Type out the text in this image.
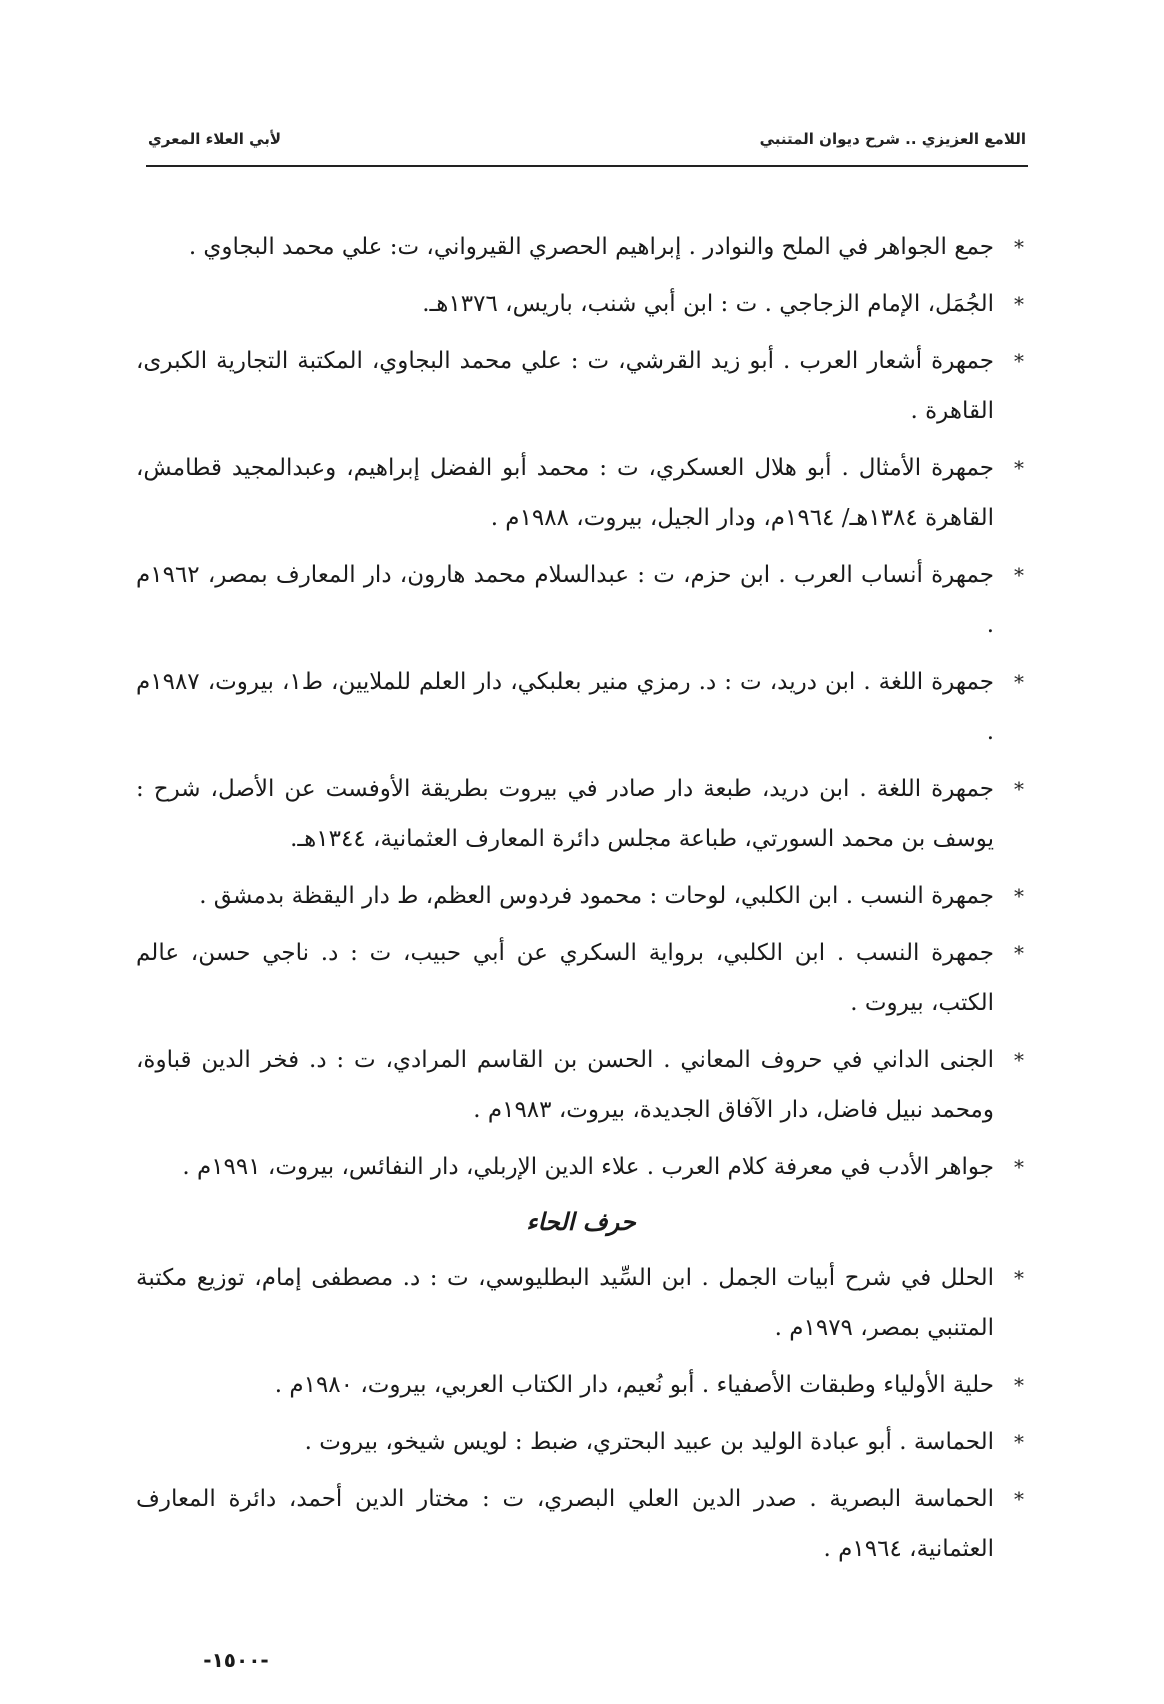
اللامع العزيزي .. شرح ديوان المتنبي
لأبي العلاء المعري
*
جمع الجواهر في الملح والنوادر . إبراهيم الحصري القيرواني، ت: علي محمد البجاوي .
*
الجُمَل، الإمام الزجاجي . ت : ابن أبي شنب، باريس، ١٣٧٦هـ.
*
جمهرة أشعار العرب . أبو زيد القرشي، ت : علي محمد البجاوي، المكتبة التجارية الكبرى، القاهرة .
*
جمهرة الأمثال . أبو هلال العسكري، ت : محمد أبو الفضل إبراهيم، وعبدالمجيد قطامش، القاهرة ١٣٨٤هـ/ ١٩٦٤م، ودار الجيل، بيروت، ١٩٨٨م .
*
جمهرة أنساب العرب . ابن حزم، ت : عبدالسلام محمد هارون، دار المعارف بمصر، ١٩٦٢م .
*
جمهرة اللغة . ابن دريد، ت : د. رمزي منير بعلبكي، دار العلم للملايين، ط١، بيروت، ١٩٨٧م .
*
جمهرة اللغة . ابن دريد، طبعة دار صادر في بيروت بطريقة الأوفست عن الأصل، شرح : يوسف بن محمد السورتي، طباعة مجلس دائرة المعارف العثمانية، ١٣٤٤هـ.
*
جمهرة النسب . ابن الكلبي، لوحات : محمود فردوس العظم، ط دار اليقظة بدمشق .
*
جمهرة النسب . ابن الكلبي، برواية السكري عن أبي حبيب، ت : د. ناجي حسن، عالم الكتب، بيروت .
*
الجنى الداني في حروف المعاني . الحسن بن القاسم المرادي، ت : د. فخر الدين قباوة، ومحمد نبيل فاضل، دار الآفاق الجديدة، بيروت، ١٩٨٣م .
*
جواهر الأدب في معرفة كلام العرب . علاء الدين الإربلي، دار النفائس، بيروت، ١٩٩١م .
حرف الحاء
*
الحلل في شرح أبيات الجمل . ابن السِّيد البطليوسي، ت : د. مصطفى إمام، توزيع مكتبة المتنبي بمصر، ١٩٧٩م .
*
حلية الأولياء وطبقات الأصفياء . أبو نُعيم، دار الكتاب العربي، بيروت، ١٩٨٠م .
*
الحماسة . أبو عبادة الوليد بن عبيد البحتري، ضبط : لويس شيخو، بيروت .
*
الحماسة البصرية . صدر الدين العلي البصري، ت : مختار الدين أحمد، دائرة المعارف العثمانية، ١٩٦٤م .
-١٥٠٠-
